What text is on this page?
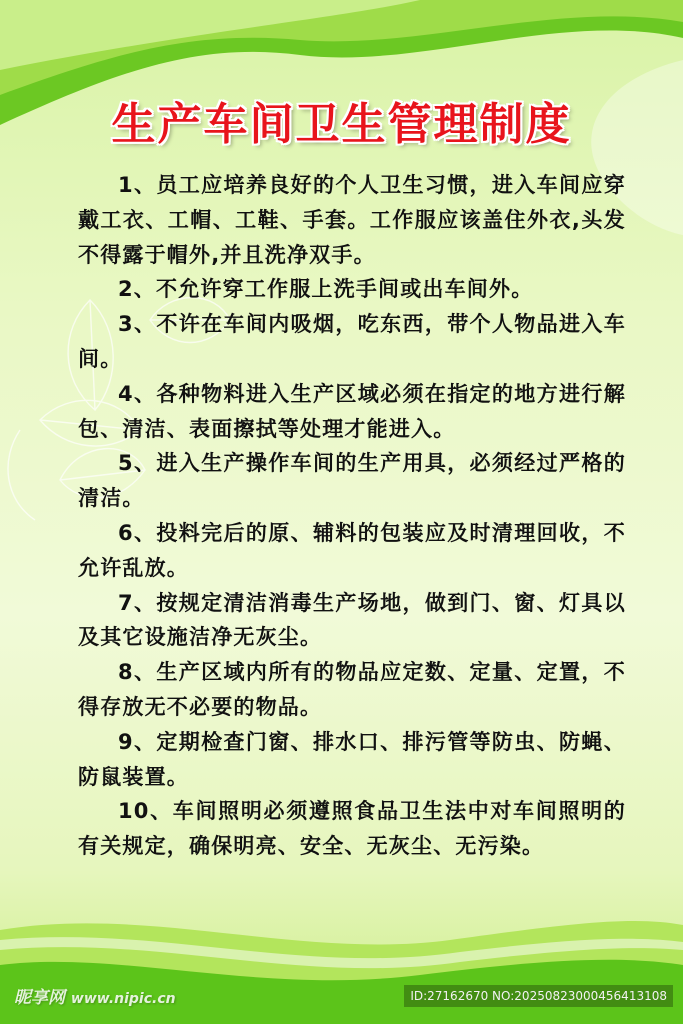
生产车间卫生管理制度

1、员工应培养良好的个人卫生习惯，进入车间应穿戴工衣、工帽、工鞋、手套。工作服应该盖住外衣,头发不得露于帽外,并且洗净双手。

2、不允许穿工作服上洗手间或出车间外。

3、不许在车间内吸烟，吃东西，带个人物品进入车间。

4、各种物料进入生产区域必须在指定的地方进行解包、清洁、表面擦拭等处理才能进入。

5、进入生产操作车间的生产用具，必须经过严格的清洁。

6、投料完后的原、辅料的包装应及时清理回收，不允许乱放。

7、按规定清洁消毒生产场地，做到门、窗、灯具以及其它设施洁净无灰尘。

8、生产区域内所有的物品应定数、定量、定置，不得存放无不必要的物品。

9、定期检查门窗、排水口、排污管等防虫、防蝇、防鼠装置。

10、车间照明必须遵照食品卫生法中对车间照明的有关规定，确保明亮、安全、无灰尘、无污染。

昵享网 www.nipic.cn	ID:27162670 NO:20250823000456413108
